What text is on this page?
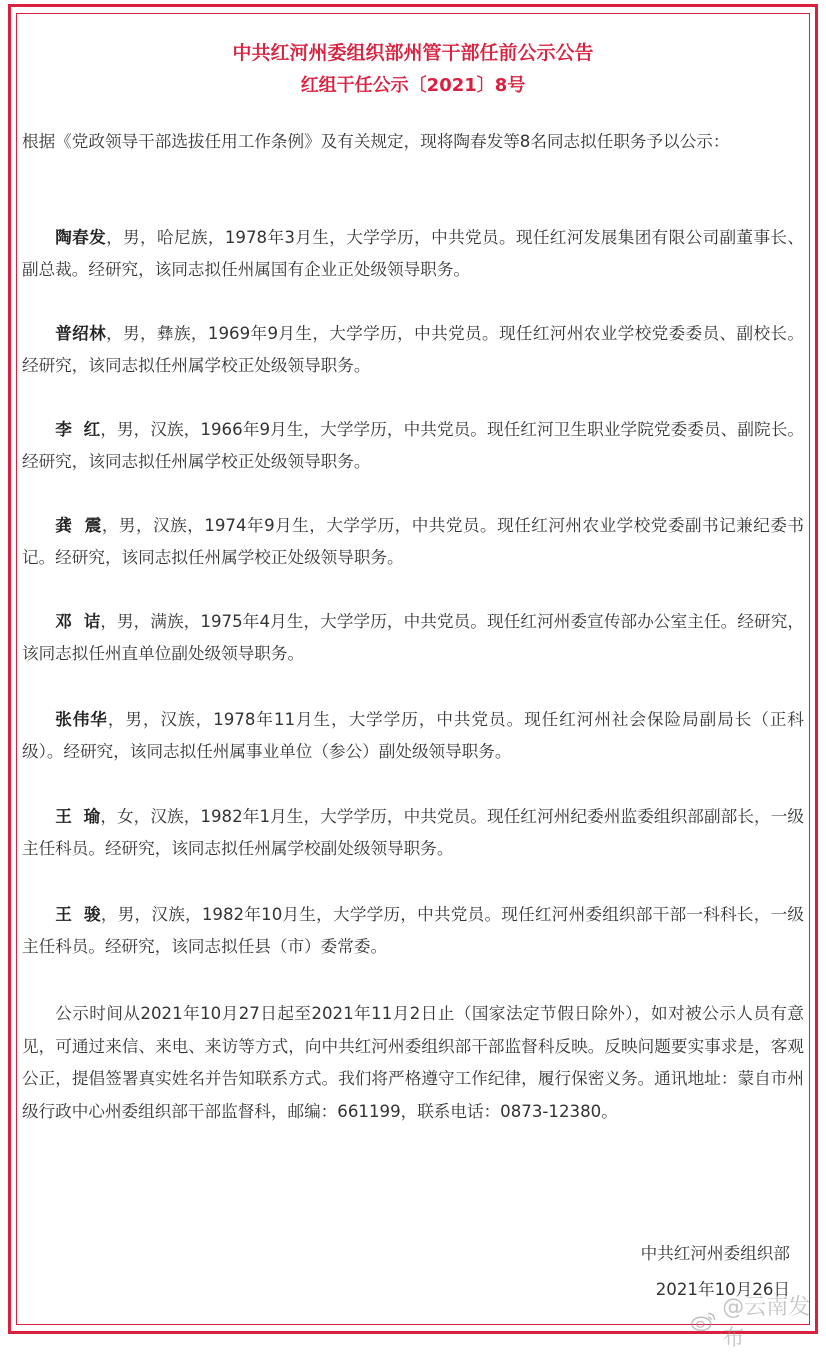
中共红河州委组织部州管干部任前公示公告
红组干任公示〔2021〕8号

根据《党政领导干部选拔任用工作条例》及有关规定，现将陶春发等8名同志拟任职务予以公示：

陶春发，男，哈尼族，1978年3月生，大学学历，中共党员。现任红河发展集团有限公司副董事长、副总裁。经研究，该同志拟任州属国有企业正处级领导职务。

普绍林，男，彝族，1969年9月生，大学学历，中共党员。现任红河州农业学校党委委员、副校长。经研究，该同志拟任州属学校正处级领导职务。

李  红，男，汉族，1966年9月生，大学学历，中共党员。现任红河卫生职业学院党委委员、副院长。经研究，该同志拟任州属学校正处级领导职务。

龚  震，男，汉族，1974年9月生，大学学历，中共党员。现任红河州农业学校党委副书记兼纪委书记。经研究，该同志拟任州属学校正处级领导职务。

邓  诘，男，满族，1975年4月生，大学学历，中共党员。现任红河州委宣传部办公室主任。经研究，该同志拟任州直单位副处级领导职务。

张伟华，男，汉族，1978年11月生，大学学历，中共党员。现任红河州社会保险局副局长（正科级）。经研究，该同志拟任州属事业单位（参公）副处级领导职务。

王  瑜，女，汉族，1982年1月生，大学学历，中共党员。现任红河州纪委州监委组织部副部长，一级主任科员。经研究，该同志拟任州属学校副处级领导职务。

王  骏，男，汉族，1982年10月生，大学学历，中共党员。现任红河州委组织部干部一科科长，一级主任科员。经研究，该同志拟任县（市）委常委。

公示时间从2021年10月27日起至2021年11月2日止（国家法定节假日除外），如对被公示人员有意见，可通过来信、来电、来访等方式，向中共红河州委组织部干部监督科反映。反映问题要实事求是，客观公正，提倡签署真实姓名并告知联系方式。我们将严格遵守工作纪律，履行保密义务。通讯地址：蒙自市州级行政中心州委组织部干部监督科，邮编：661199，联系电话：0873-12380。

中共红河州委组织部
2021年10月26日
@云南发布
